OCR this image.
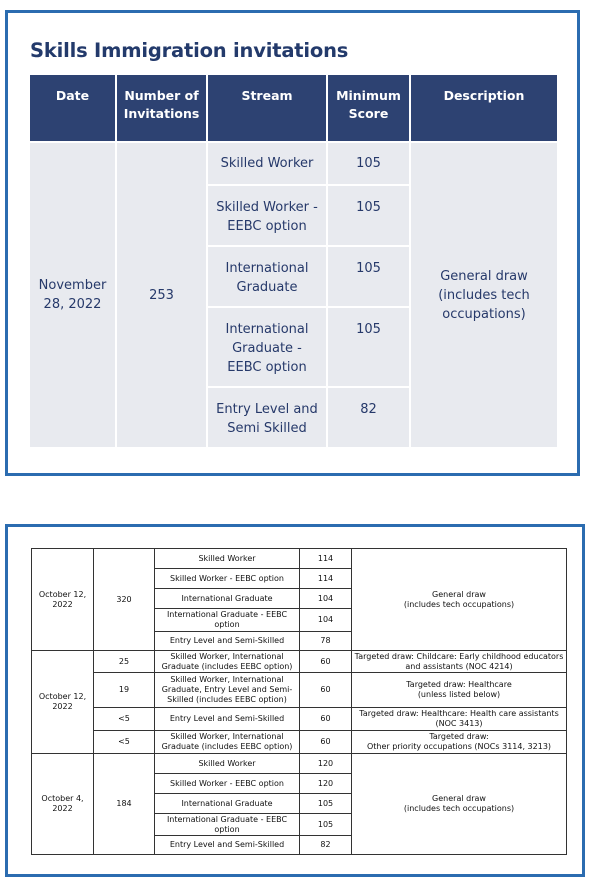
Skills Immigration invitations
Date	Number of Invitations	Stream	Minimum Score	Description
November 28, 2022	253	Skilled Worker	105	General draw (includes tech occupations)
		Skilled Worker - EEBC option	105	
		International Graduate	105	
		International Graduate - EEBC option	105	
		Entry Level and Semi Skilled	82	
October 12, 2022	320	Skilled Worker	114	General draw
(includes tech occupations)

		Skilled Worker - EEBC option	114	
		International Graduate	104	
		International Graduate - EEBC option	104	
		Entry Level and Semi-Skilled	78	
October 12, 2022	25	Skilled Worker, International Graduate (includes EEBC option)	60	Targeted draw: Childcare: Early childhood educators
and assistants (NOC 4214)

	19	Skilled Worker, International Graduate, Entry Level and Semi-Skilled (includes EEBC option)	60	Targeted draw: Healthcare
(unless listed below)

	<5	Entry Level and Semi-Skilled	60	Targeted draw: Healthcare: Health care assistants
(NOC 3413)

	<5	Skilled Worker, International Graduate (includes EEBC option)	60	Targeted draw:
Other priority occupations (NOCs 3114, 3213)

October 4, 2022	184	Skilled Worker	120	General draw
(includes tech occupations)

		Skilled Worker - EEBC option	120	
		International Graduate	105	
		International Graduate - EEBC option	105	
		Entry Level and Semi-Skilled	82	
